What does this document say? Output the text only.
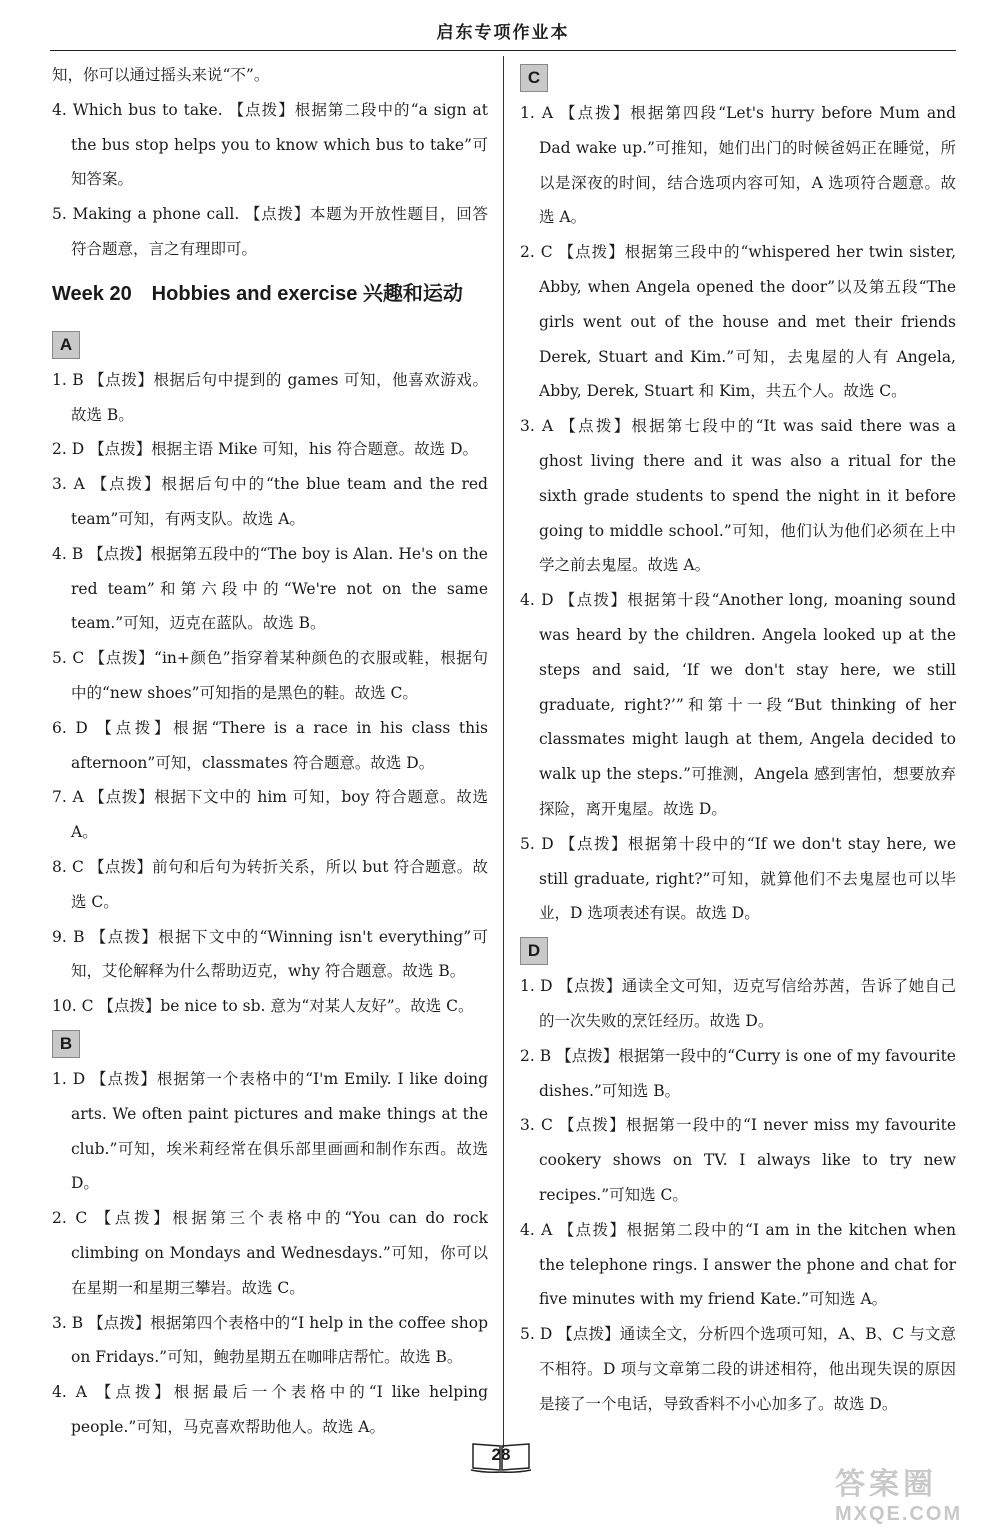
启东专项作业本
知，你可以通过摇头来说“不”。
4. Which bus to take. 【点拨】根据第二段中的“a sign at the bus stop helps you to know which bus to take”可知答案。
5. Making a phone call. 【点拨】本题为开放性题目，回答符合题意，言之有理即可。
Week 20　Hobbies and exercise 兴趣和运动
A
1. B 【点拨】根据后句中提到的 games 可知，他喜欢游戏。故选 B。
2. D 【点拨】根据主语 Mike 可知，his 符合题意。故选 D。
3. A 【点拨】根据后句中的“the blue team and the red team”可知，有两支队。故选 A。
4. B 【点拨】根据第五段中的“The boy is Alan. He's on the red team”和第六段中的“We're not on the same team.”可知，迈克在蓝队。故选 B。
5. C 【点拨】“in+颜色”指穿着某种颜色的衣服或鞋，根据句中的“new shoes”可知指的是黑色的鞋。故选 C。
6. D 【点拨】根据“There is a race in his class this afternoon”可知，classmates 符合题意。故选 D。
7. A 【点拨】根据下文中的 him 可知，boy 符合题意。故选 A。
8. C 【点拨】前句和后句为转折关系，所以 but 符合题意。故选 C。
9. B 【点拨】根据下文中的“Winning isn't everything”可知，艾伦解释为什么帮助迈克，why 符合题意。故选 B。
10. C 【点拨】be nice to sb. 意为“对某人友好”。故选 C。
B
1. D 【点拨】根据第一个表格中的“I'm Emily. I like doing arts. We often paint pictures and make things at the club.”可知，埃米莉经常在俱乐部里画画和制作东西。故选 D。
2. C 【点拨】根据第三个表格中的“You can do rock climbing on Mondays and Wednesdays.”可知，你可以在星期一和星期三攀岩。故选 C。
3. B 【点拨】根据第四个表格中的“I help in the coffee shop on Fridays.”可知，鲍勃星期五在咖啡店帮忙。故选 B。
4. A 【点拨】根据最后一个表格中的“I like helping people.”可知，马克喜欢帮助他人。故选 A。
C
1. A 【点拨】根据第四段“Let's hurry before Mum and Dad wake up.”可推知，她们出门的时候爸妈正在睡觉，所以是深夜的时间，结合选项内容可知，A 选项符合题意。故选 A。
2. C 【点拨】根据第三段中的“whispered her twin sister, Abby, when Angela opened the door”以及第五段“The girls went out of the house and met their friends Derek, Stuart and Kim.”可知，去鬼屋的人有 Angela, Abby, Derek, Stuart 和 Kim，共五个人。故选 C。
3. A 【点拨】根据第七段中的“It was said there was a ghost living there and it was also a ritual for the sixth grade students to spend the night in it before going to middle school.”可知，他们认为他们必须在上中学之前去鬼屋。故选 A。
4. D 【点拨】根据第十段“Another long, moaning sound was heard by the children. Angela looked up at the steps and said, ‘If we don't stay here, we still graduate, right?’”和第十一段“But thinking of her classmates might laugh at them, Angela decided to walk up the steps.”可推测，Angela 感到害怕，想要放弃探险，离开鬼屋。故选 D。
5. D 【点拨】根据第十段中的“If we don't stay here, we still graduate, right?”可知，就算他们不去鬼屋也可以毕业，D 选项表述有误。故选 D。
D
1. D 【点拨】通读全文可知，迈克写信给苏茜，告诉了她自己的一次失败的烹饪经历。故选 D。
2. B 【点拨】根据第一段中的“Curry is one of my favourite dishes.”可知选 B。
3. C 【点拨】根据第一段中的“I never miss my favourite cookery shows on TV. I always like to try new recipes.”可知选 C。
4. A 【点拨】根据第二段中的“I am in the kitchen when the telephone rings. I answer the phone and chat for five minutes with my friend Kate.”可知选 A。
5. D 【点拨】通读全文，分析四个选项可知，A、B、C 与文意不相符。D 项与文章第二段的讲述相符，他出现失误的原因是接了一个电话，导致香料不小心加多了。故选 D。
28
答案圈
MXQE.COM
